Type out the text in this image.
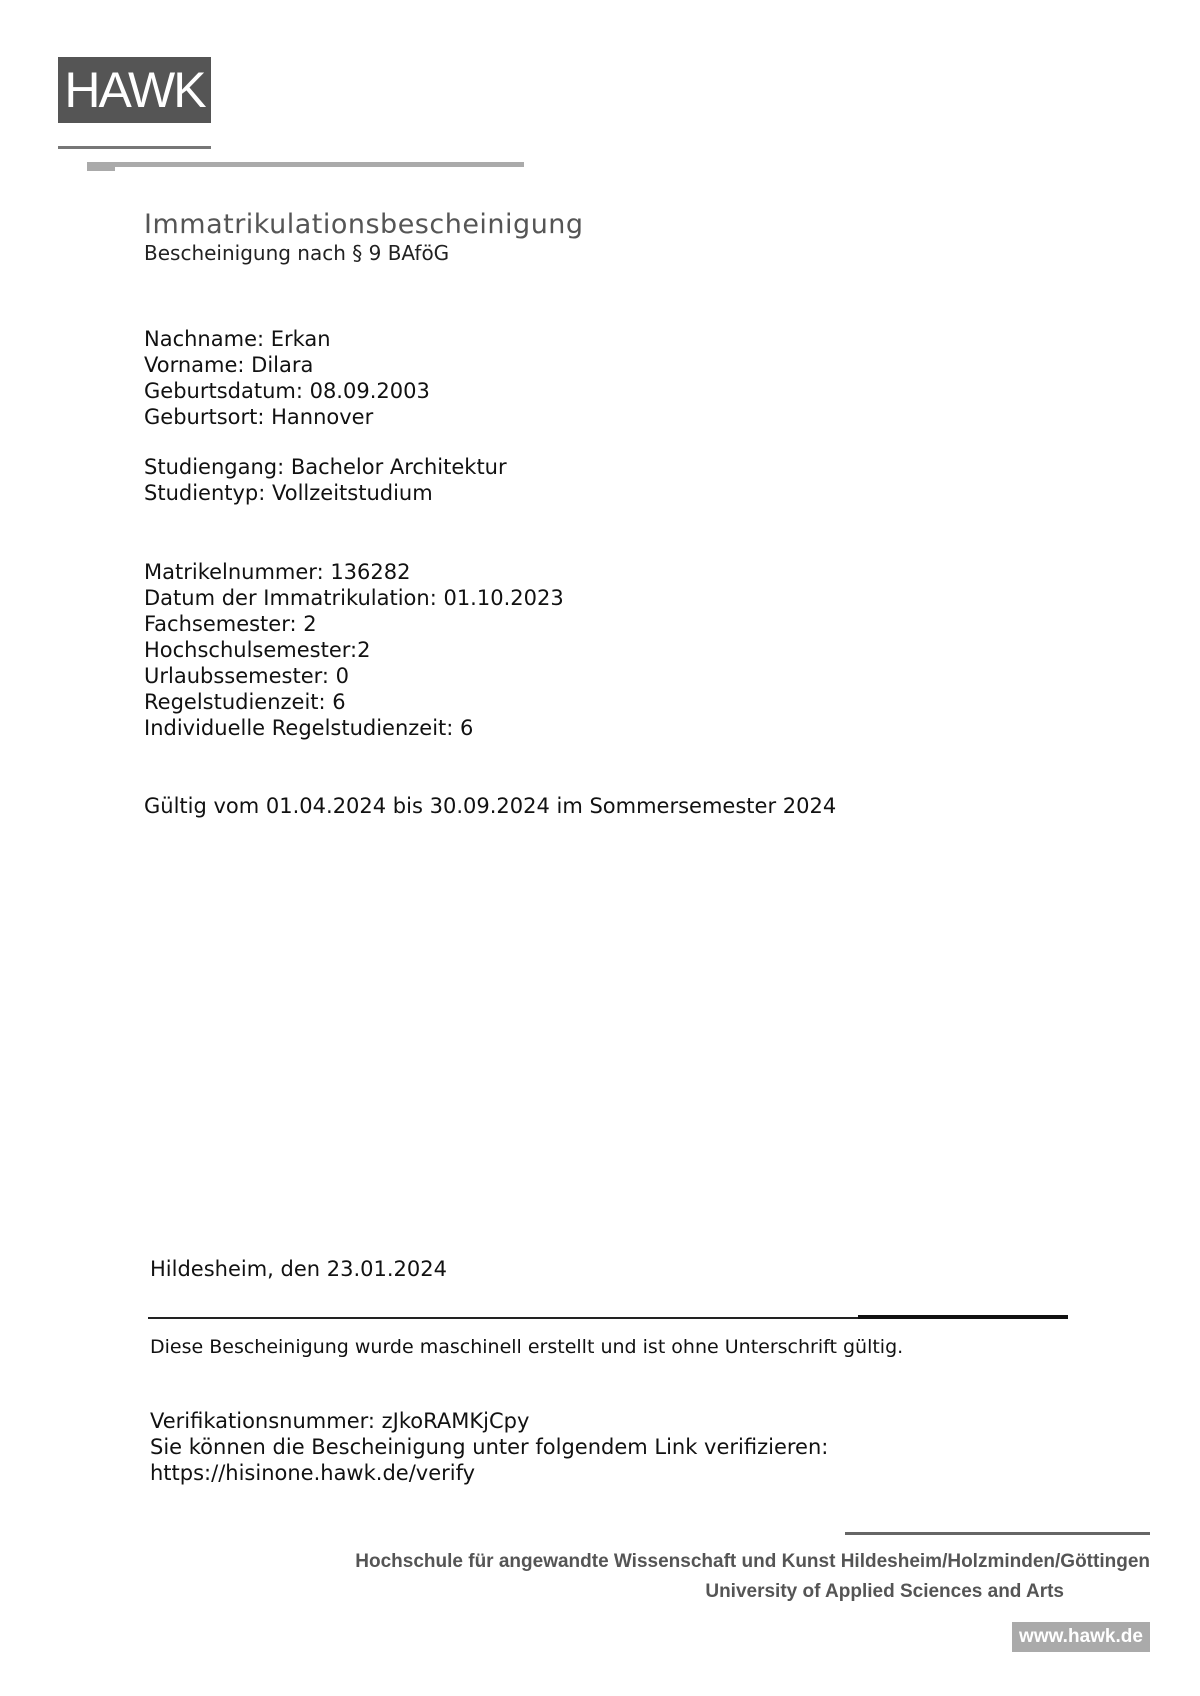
HAWK
Immatrikulationsbescheinigung
Bescheinigung nach § 9 BAföG

Nachname: Erkan

Vorname: Dilara

Geburtsdatum: 08.09.2003

Geburtsort: Hannover

Studiengang: Bachelor Architektur

Studientyp: Vollzeitstudium

Matrikelnummer: 136282

Datum der Immatrikulation: 01.10.2023

Fachsemester: 2

Hochschulsemester:2

Urlaubssemester: 0

Regelstudienzeit: 6

Individuelle Regelstudienzeit: 6

Gültig vom 01.04.2024 bis 30.09.2024 im Sommersemester 2024

Hildesheim, den 23.01.2024
Diese Bescheinigung wurde maschinell erstellt und ist ohne Unterschrift gültig.

Verifikationsnummer: zJkoRAMKjCpy

Sie können die Bescheinigung unter folgendem Link verifizieren:

https://hisinone.hawk.de/verify

Hochschule für angewandte Wissenschaft und Kunst Hildesheim/Holzminden/Göttingen
University of Applied Sciences and Arts
www.hawk.de
